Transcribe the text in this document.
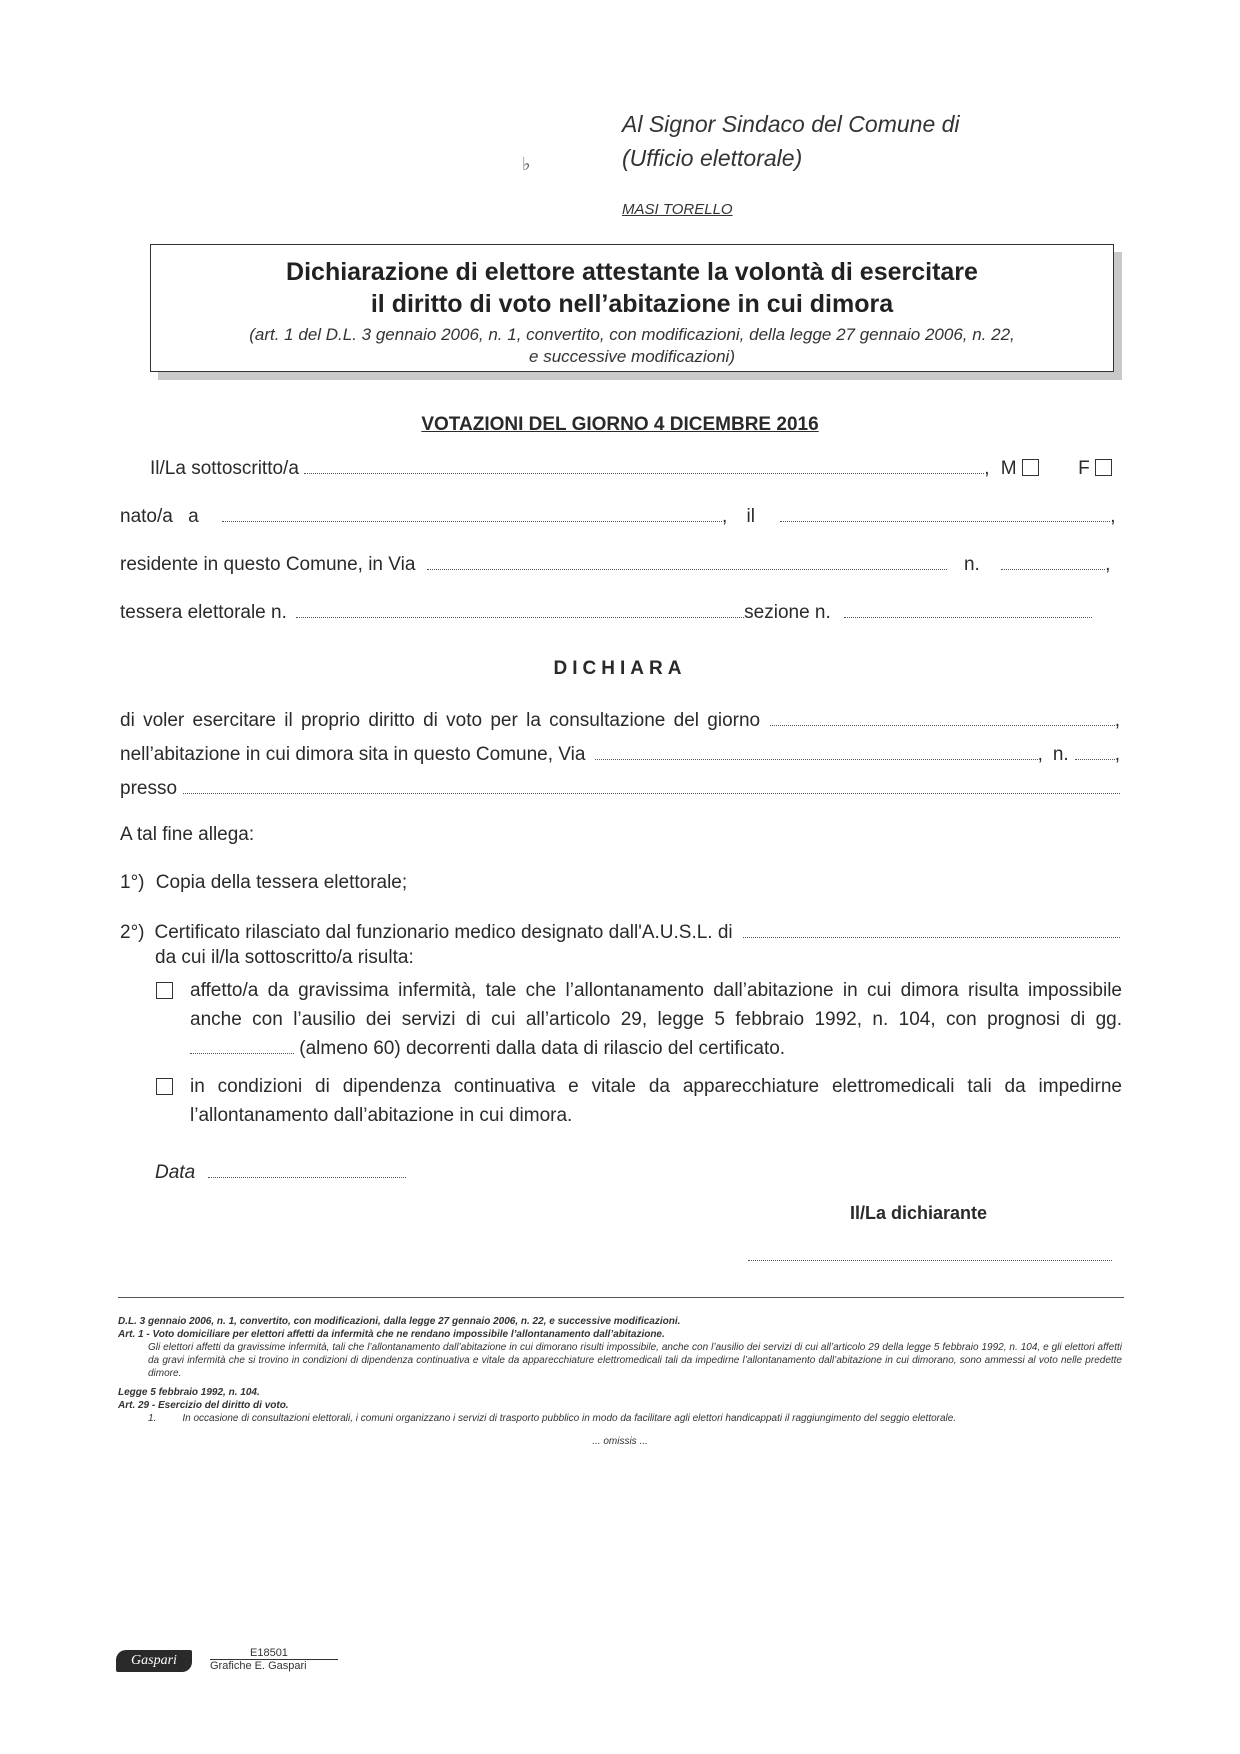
Al Signor Sindaco del Comune di
(Ufficio elettorale)
♭
MASI TORELLO
Dichiarazione di elettore attestante la volontà di esercitare
il diritto di voto nell’abitazione in cui dimora
(art. 1 del D.L. 3 gennaio 2006, n. 1, convertito, con modificazioni, della legge 27 gennaio 2006, n. 22,
e successive modificazioni)
VOTAZIONI DEL GIORNO 4 DICEMBRE 2016
Il/La sottoscritto/a	, M	F
nato/a a	, il	,
residente in questo Comune, in Via	n.	,
tessera elettorale n.	sezione n.
DICHIARA
di voler esercitare il proprio diritto di voto per la consultazione del giorno	,
nell’abitazione in cui dimora sita in questo Comune, Via	, n. ,
presso
A tal fine allega:
1°) Copia della tessera elettorale;
2°) Certificato rilasciato dal funzionario medico designato dall'A.U.S.L. di
da cui il/la sottoscritto/a risulta:
affetto/a da gravissima infermità, tale che l’allontanamento dall’abitazione in cui dimora risulta impossibile anche con l’ausilio dei servizi di cui all’articolo 29, legge 5 febbraio 1992, n. 104, con prognosi di gg.  (almeno 60) decorrenti dalla data di rilascio del certificato.
in condizioni di dipendenza continuativa e vitale da apparecchiature elettromedicali tali da impedirne l’allontanamento dall’abitazione in cui dimora.
Data
Il/La dichiarante
D.L. 3 gennaio 2006, n. 1, convertito, con modificazioni, dalla legge 27 gennaio 2006, n. 22, e successive modificazioni.
Art. 1 - Voto domiciliare per elettori affetti da infermità che ne rendano impossibile l’allontanamento dall’abitazione.
Gli elettori affetti da gravissime infermità, tali che l’allontanamento dall’abitazione in cui dimorano risulti impossibile, anche con l’ausilio dei servizi di cui all’articolo 29 della legge 5 febbraio 1992, n. 104, e gli elettori affetti da gravi infermità che si trovino in condizioni di dipendenza continuativa e vitale da apparecchiature elettromedicali tali da impedirne l’allontanamento dall’abitazione in cui dimorano, sono ammessi al voto nelle predette dimore.
Legge 5 febbraio 1992, n. 104.
Art. 29 - Esercizio del diritto di voto.
1.	In occasione di consultazioni elettorali, i comuni organizzano i servizi di trasporto pubblico in modo da facilitare agli elettori handicappati il raggiungimento del seggio elettorale.
... omissis ...
Gaspari	E18501
Grafiche E. Gaspari
